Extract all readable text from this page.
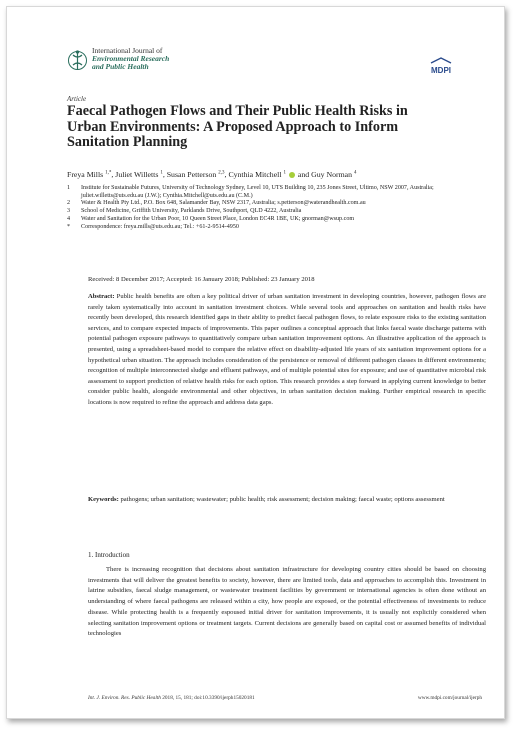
International Journal of
Environmental Research
and Public Health	MDPI
Article
Faecal Pathogen Flows and Their Public Health Risks in Urban Environments: A Proposed Approach to Inform Sanitation Planning
Freya Mills $^{1,*}$, Juliet Willetts $^1$, Susan Petterson $^{2,3}$, Cynthia Mitchell $^1$ and Guy Norman $^4$
1	Institute for Sustainable Futures, University of Technology Sydney, Level 10, UTS Building 10, 235 Jones Street, Ultimo, NSW 2007, Australia; juliet.willetts@uts.edu.au (J.W.); Cynthia.Mitchell@uts.edu.au (C.M.)
2	Water & Health Pty Ltd., P.O. Box 648, Salamander Bay, NSW 2317, Australia; s.petterson@waterandhealth.com.au
3	School of Medicine, Griffith University, Parklands Drive, Southport, QLD 4222, Australia
4	Water and Sanitation for the Urban Poor, 10 Queen Street Place, London EC4R 1BE, UK; gnorman@wsup.com
*	Correspondence: freya.mills@uts.edu.au; Tel.: +61-2-9514-4950
Received: 8 December 2017; Accepted: 16 January 2018; Published: 23 January 2018

Abstract: Public health benefits are often a key political driver of urban sanitation investment in developing countries, however, pathogen flows are rarely taken systematically into account in sanitation investment choices. While several tools and approaches on sanitation and health risks have recently been developed, this research identified gaps in their ability to predict faecal pathogen flows, to relate exposure risks to the existing sanitation services, and to compare expected impacts of improvements. This paper outlines a conceptual approach that links faecal waste discharge patterns with potential pathogen exposure pathways to quantitatively compare urban sanitation improvement options. An illustrative application of the approach is presented, using a spreadsheet-based model to compare the relative effect on disability-adjusted life years of six sanitation improvement options for a hypothetical urban situation. The approach includes consideration of the persistence or removal of different pathogen classes in different environments; recognition of multiple interconnected sludge and effluent pathways, and of multiple potential sites for exposure; and use of quantitative microbial risk assessment to support prediction of relative health risks for each option. This research provides a step forward in applying current knowledge to better consider public health, alongside environmental and other objectives, in urban sanitation decision making. Further empirical research in specific locations is now required to refine the approach and address data gaps.

Keywords: pathogens; urban sanitation; wastewater; public health; risk assessment; decision making; faecal waste; options assessment

1. Introduction

There is increasing recognition that decisions about sanitation infrastructure for developing country cities should be based on choosing investments that will deliver the greatest benefits to society, however, there are limited tools, data and approaches to accomplish this. Investment in latrine subsidies, faecal sludge management, or wastewater treatment facilities by government or international agencies is often done without an understanding of where faecal pathogens are released within a city, how people are exposed, or the potential effectiveness of investments to reduce disease. While protecting health is a frequently espoused initial driver for sanitation improvements, it is usually not explicitly considered when selecting sanitation improvement options or treatment targets. Current decisions are generally based on capital cost or assumed benefits of individual technologies

Int. J. Environ. Res. Public Health 2018, 15, 181; doi:10.3390/ijerph15020181	www.mdpi.com/journal/ijerph
